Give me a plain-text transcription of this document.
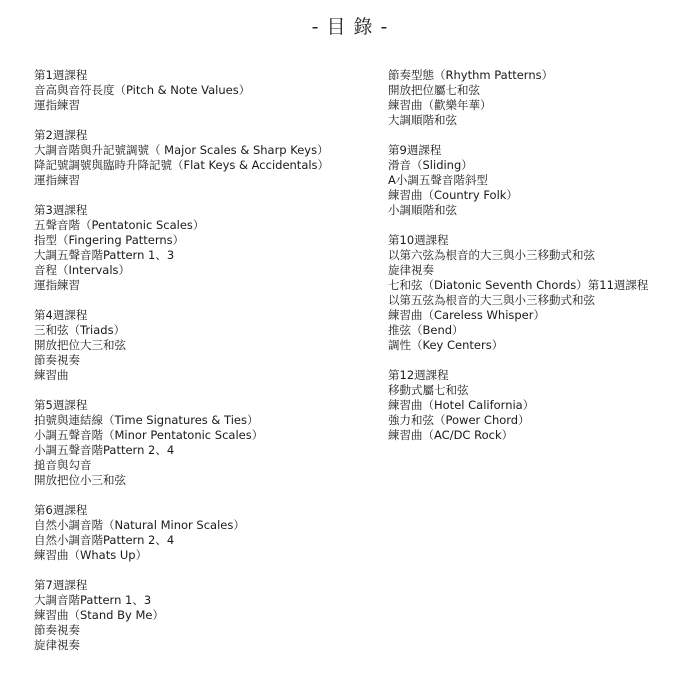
- 目 錄 -
第1週課程
音高與音符長度（Pitch & Note Values）
運指練習
第2週課程
大調音階與升記號調號（ Major Scales & Sharp Keys）
降記號調號與臨時升降記號（Flat Keys & Accidentals）
運指練習
第3週課程
五聲音階（Pentatonic Scales）
指型（Fingering Patterns）
大調五聲音階Pattern 1、3
音程（Intervals）
運指練習
第4週課程
三和弦（Triads）
開放把位大三和弦
節奏視奏
練習曲
第5週課程
拍號與連結線（Time Signatures & Ties）
小調五聲音階（Minor Pentatonic Scales）
小調五聲音階Pattern 2、4
搥音與勾音
開放把位小三和弦
第6週課程
自然小調音階（Natural Minor Scales）
自然小調音階Pattern 2、4
練習曲（Whats Up）
第7週課程
大調音階Pattern 1、3
練習曲（Stand By Me）
節奏視奏
旋律視奏
節奏型態（Rhythm Patterns）
開放把位屬七和弦
練習曲（歡樂年華）
大調順階和弦
第9週課程
滑音（Sliding）
A小調五聲音階斜型
練習曲（Country Folk）
小調順階和弦
第10週課程
以第六弦為根音的大三與小三移動式和弦
旋律視奏
七和弦（Diatonic Seventh Chords）第11週課程
以第五弦為根音的大三與小三移動式和弦
練習曲（Careless Whisper）
推弦（Bend）
調性（Key Centers）
第12週課程
移動式屬七和弦
練習曲（Hotel California）
強力和弦（Power Chord）
練習曲（AC/DC Rock）
